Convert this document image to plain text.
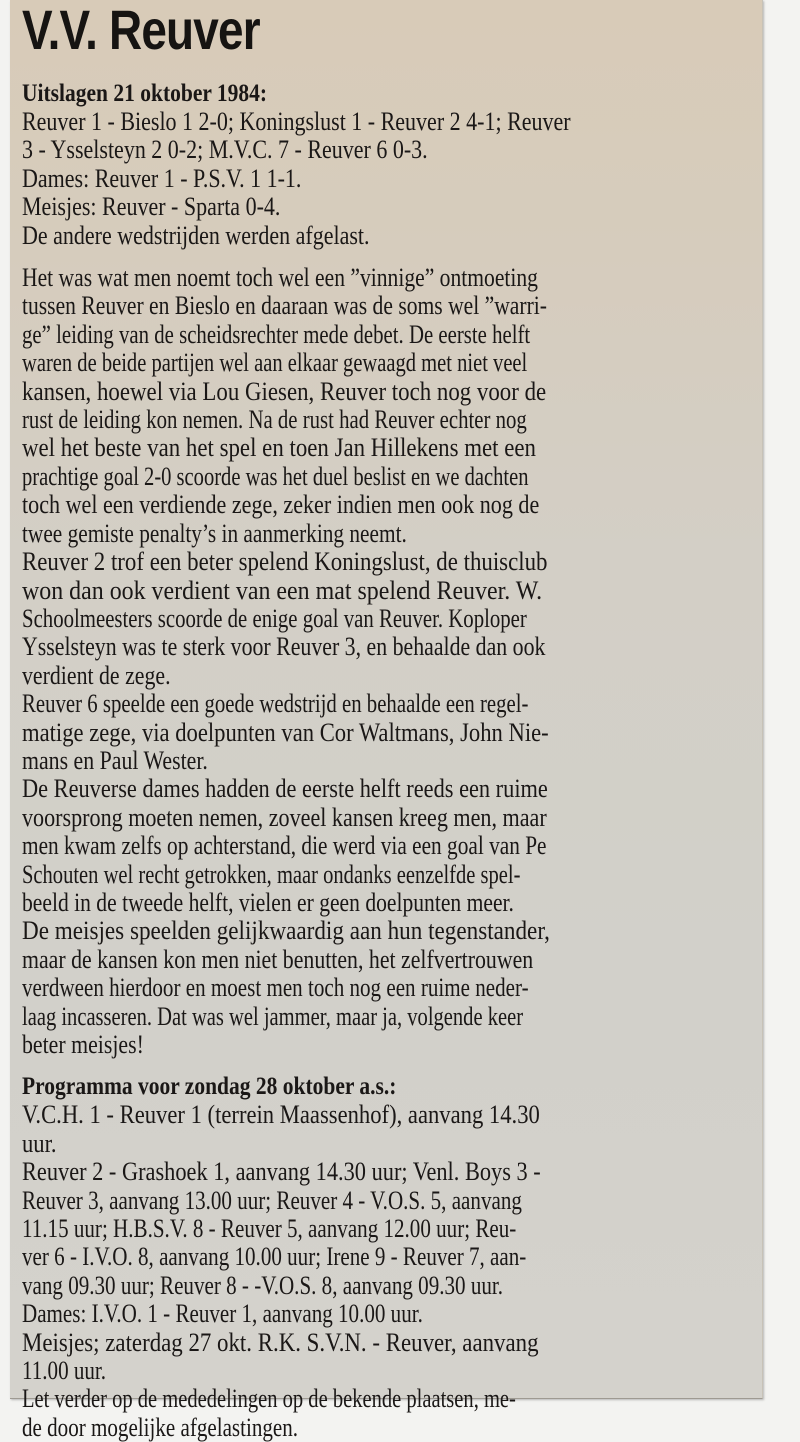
V.V. Reuver
Uitslagen 21 oktober 1984:
Reuver 1 - Bieslo 1 2-0; Koningslust 1 - Reuver 2 4-1; Reuver
3 - Ysselsteyn 2 0-2; M.V.C. 7 - Reuver 6 0-3.
Dames: Reuver 1 - P.S.V. 1 1-1.
Meisjes: Reuver - Sparta 0-4.
De andere wedstrijden werden afgelast.
Het was wat men noemt toch wel een ”vinnige” ontmoeting
tussen Reuver en Bieslo en daaraan was de soms wel ”warri-
ge” leiding van de scheidsrechter mede debet. De eerste helft
waren de beide partijen wel aan elkaar gewaagd met niet veel
kansen, hoewel via Lou Giesen, Reuver toch nog voor de
rust de leiding kon nemen. Na de rust had Reuver echter nog
wel het beste van het spel en toen Jan Hillekens met een
prachtige goal 2-0 scoorde was het duel beslist en we dachten
toch wel een verdiende zege, zeker indien men ook nog de
twee gemiste penalty’s in aanmerking neemt.
Reuver 2 trof een beter spelend Koningslust, de thuisclub
won dan ook verdient van een mat spelend Reuver. W.
Schoolmeesters scoorde de enige goal van Reuver. Koploper
Ysselsteyn was te sterk voor Reuver 3, en behaalde dan ook
verdient de zege.
Reuver 6 speelde een goede wedstrijd en behaalde een regel-
matige zege, via doelpunten van Cor Waltmans, John Nie-
mans en Paul Wester.
De Reuverse dames hadden de eerste helft reeds een ruime
voorsprong moeten nemen, zoveel kansen kreeg men, maar
men kwam zelfs op achterstand, die werd via een goal van Pe
Schouten wel recht getrokken, maar ondanks eenzelfde spel-
beeld in de tweede helft, vielen er geen doelpunten meer.
De meisjes speelden gelijkwaardig aan hun tegenstander,
maar de kansen kon men niet benutten, het zelfvertrouwen
verdween hierdoor en moest men toch nog een ruime neder-
laag incasseren. Dat was wel jammer, maar ja, volgende keer
beter meisjes!
Programma voor zondag 28 oktober a.s.:
V.C.H. 1 - Reuver 1 (terrein Maassenhof), aanvang 14.30
uur.
Reuver 2 - Grashoek 1, aanvang 14.30 uur; Venl. Boys 3 -
Reuver 3, aanvang 13.00 uur; Reuver 4 - V.O.S. 5, aanvang
11.15 uur; H.B.S.V. 8 - Reuver 5, aanvang 12.00 uur; Reu-
ver 6 - I.V.O. 8, aanvang 10.00 uur; Irene 9 - Reuver 7, aan-
vang 09.30 uur; Reuver 8 - -V.O.S. 8, aanvang 09.30 uur.
Dames: I.V.O. 1 - Reuver 1, aanvang 10.00 uur.
Meisjes; zaterdag 27 okt. R.K. S.V.N. - Reuver, aanvang
11.00 uur.
Let verder op de mededelingen op de bekende plaatsen, me-
de door mogelijke afgelastingen.
